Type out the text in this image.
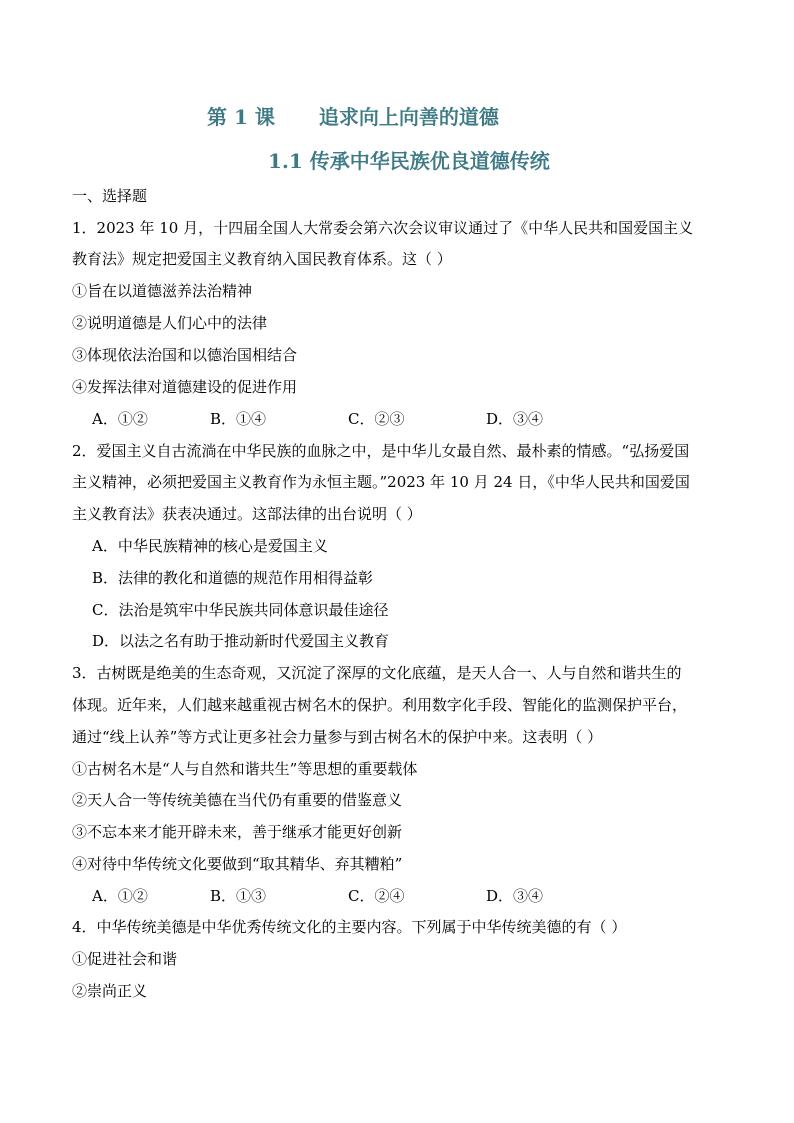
第 1 课 追求向上向善的道德
1.1 传承中华民族优良道德传统
一、选择题
1．2023 年 10 月，十四届全国人大常委会第六次会议审议通过了《中华人民共和国爱国主义
教育法》规定把爱国主义教育纳入国民教育体系。这（ ）
①旨在以道德滋养法治精神
②说明道德是人们心中的法律
③体现依法治国和以德治国相结合
④发挥法律对道德建设的促进作用
A．①②	B．①④	C．②③	D．③④
2．爱国主义自古流淌在中华民族的血脉之中，是中华儿女最自然、最朴素的情感。“弘扬爱国
主义精神，必须把爱国主义教育作为永恒主题。”2023 年 10 月 24 日，《中华人民共和国爱国
主义教育法》获表决通过。这部法律的出台说明（ ）
A．中华民族精神的核心是爱国主义
B．法律的教化和道德的规范作用相得益彰
C．法治是筑牢中华民族共同体意识最佳途径
D．以法之名有助于推动新时代爱国主义教育
3．古树既是绝美的生态奇观，又沉淀了深厚的文化底蕴，是天人合一、人与自然和谐共生的
体现。近年来，人们越来越重视古树名木的保护。利用数字化手段、智能化的监测保护平台，
通过“线上认养”等方式让更多社会力量参与到古树名木的保护中来。这表明（ ）
①古树名木是“人与自然和谐共生”等思想的重要载体
②天人合一等传统美德在当代仍有重要的借鉴意义
③不忘本来才能开辟未来，善于继承才能更好创新
④对待中华传统文化要做到“取其精华、弃其糟粕”
A．①②	B．①③	C．②④	D．③④
4．中华传统美德是中华优秀传统文化的主要内容。下列属于中华传统美德的有（ ）
①促进社会和谐
②崇尚正义
